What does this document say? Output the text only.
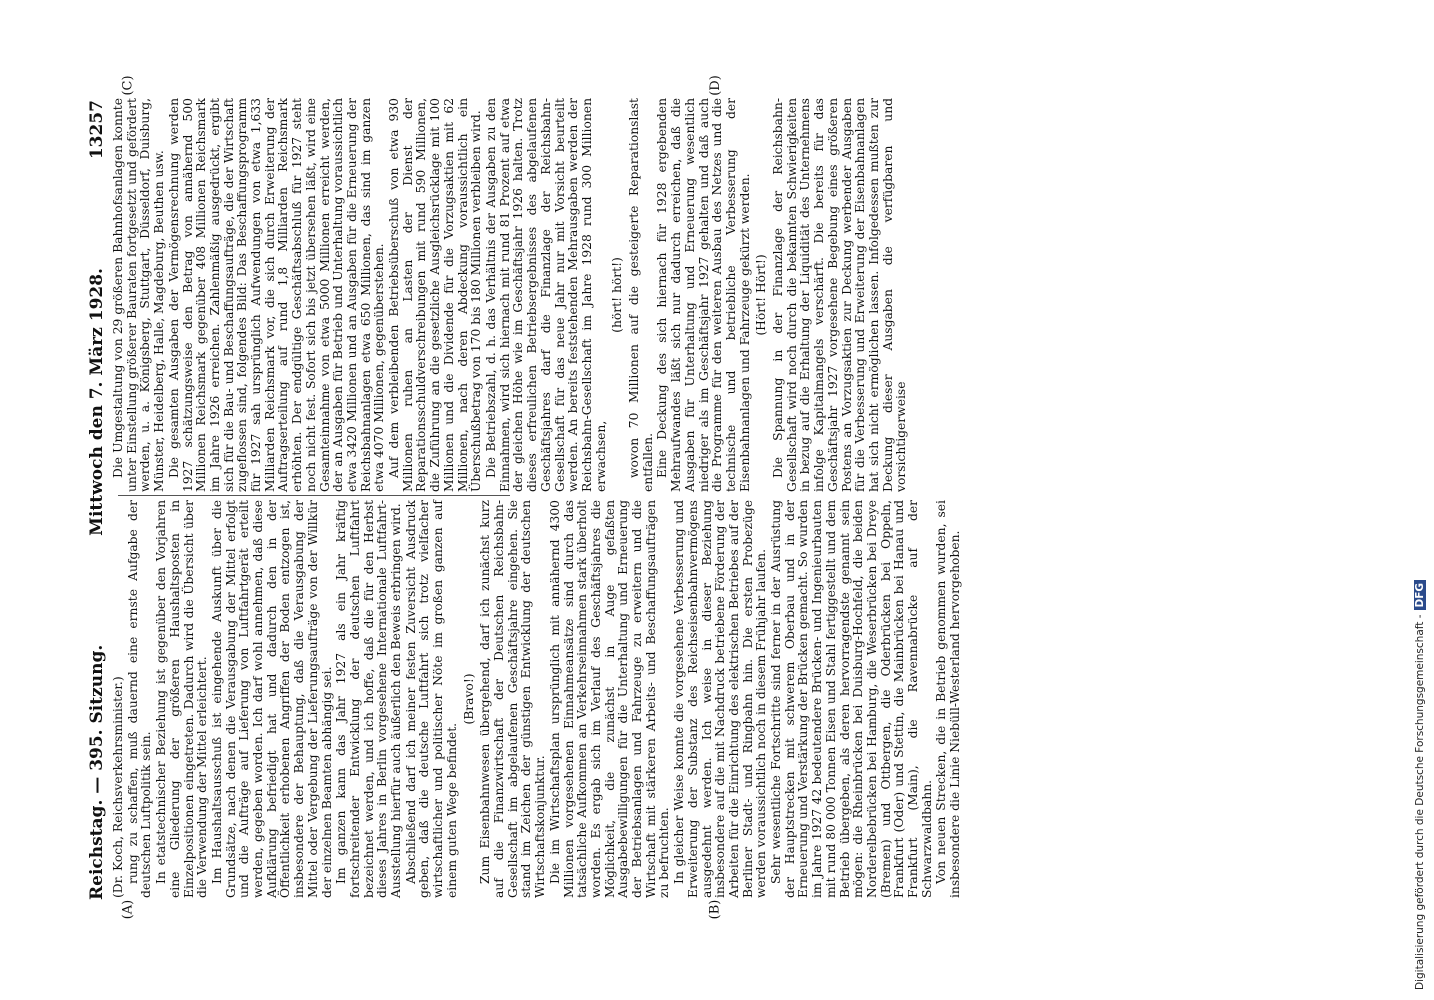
Reichstag. — 395. Sitzung.
Mittwoch den 7. März 1928.
13257

(Dr. Koch, Reichsverkehrsminister.) rung zu schaffen, muß dauernd eine ernste Aufgabe der deutschen Luftpolitik sein. In etatstechnischer Beziehung ist gegenüber den Vorjahren eine Gliederung der größeren Haushaltsposten in Einzelpositionen eingetreten. Dadurch wird die Übersicht über die Verwendung der Mittel erleichtert. Im Haushaltsausschuß ist eingehende Auskunft über die Grundsätze, nach denen die Verausgabung der Mittel erfolgt und die Aufträge auf Lieferung von Luftfahrtgerät erteilt werden, gegeben worden. Ich darf wohl annehmen, daß diese Aufklärung befriedigt hat und dadurch den in der Öffentlichkeit erhobenen Angriffen der Boden entzogen ist, insbesondere der Behauptung, daß die Verausgabung der Mittel oder Vergebung der Lieferungsaufträge von der Willkür der einzelnen Beamten abhängig sei. Im ganzen kann das Jahr 1927 als ein Jahr kräftig fortschreitender Entwicklung der deutschen Luftfahrt bezeichnet werden, und ich hoffe, daß die für den Herbst dieses Jahres in Berlin vorgesehene Internationale Luftfahrt-Ausstellung hierfür auch äußerlich den Beweis erbringen wird. Abschließend darf ich meiner festen Zuversicht Ausdruck geben, daß die deutsche Luftfahrt sich trotz vielfacher wirtschaftlicher und politischer Nöte im großen ganzen auf einem guten Wege befindet.

(Bravo!) Zum Eisenbahnwesen übergehend, darf ich zunächst kurz auf die Finanzwirtschaft der Deutschen Reichsbahn-Gesellschaft im abgelaufenen Geschäftsjahre eingehen. Sie stand im Zeichen der günstigen Entwicklung der deutschen Wirtschaftskonjunktur. Die im Wirtschaftsplan ursprünglich mit annähernd 4300 Millionen vorgesehenen Einnahmeansätze sind durch das tatsächliche Aufkommen an Verkehrseinnahmen stark überholt worden. Es ergab sich im Verlauf des Geschäftsjahres die Möglichkeit, die zunächst in Auge gefaßten Ausgabebewilligungen für die Unterhaltung und Erneuerung der Betriebsanlagen und Fahrzeuge zu erweitern und die Wirtschaft mit stärkeren Arbeits- und Beschaffungsaufträgen zu befruchten. In gleicher Weise konnte die vorgesehene Verbesserung und Erweiterung der Substanz des Reichseisenbahnvermögens ausgedehnt werden. Ich weise in dieser Beziehung insbesondere auf die mit Nachdruck betriebene Förderung der Arbeiten für die Einrichtung des elektrischen Betriebes auf der Berliner Stadt- und Ringbahn hin. Die ersten Probezüge werden voraussichtlich noch in diesem Frühjahr laufen. Sehr wesentliche Fortschritte sind ferner in der Ausrüstung der Hauptstrecken mit schwerem Oberbau und in der Erneuerung und Verstärkung der Brücken gemacht. So wurden im Jahre 1927 42 bedeutendere Brücken- und Ingenieurbauten mit rund 80 000 Tonnen Eisen und Stahl fertiggestellt und dem Betrieb übergeben, als deren hervorragendste genannt sein mögen: die Rheinbrücken bei Duisburg-Hochfeld, die beiden Norderelbebrücken bei Hamburg, die Weserbrücken bei Dreye (Bremen) und Ottbergen, die Oderbrücken bei Oppeln, Frankfurt (Oder) und Stettin, die Mainbrücken bei Hanau und Frankfurt (Main), die Ravennabrücke auf der Schwarzwaldbahn. Von neuen Strecken, die in Betrieb genommen wurden, sei insbesondere die Linie Niebüll-Westerland hervorgehoben.

Die Umgestaltung von 29 größeren Bahnhofsanlagen konnte unter Einstellung größerer Bauraten fortgesetzt und gefördert werden, u. a. Königsberg, Stuttgart, Düsseldorf, Duisburg, Münster, Heidelberg, Halle, Magdeburg, Beuthen usw. Die gesamten Ausgaben der Vermögensrechnung werden 1927 schätzungsweise den Betrag von annähernd 500 Millionen Reichsmark gegenüber 408 Millionen Reichsmark im Jahre 1926 erreichen. Zahlenmäßig ausgedrückt, ergibt sich für die Bau- und Beschaffungsaufträge, die der Wirtschaft zugeflossen sind, folgendes Bild: Das Beschaffungsprogramm für 1927 sah ursprünglich Aufwendungen von etwa 1,633 Milliarden Reichsmark vor, die sich durch Erweiterung der Auftragserteilung auf rund 1,8 Milliarden Reichsmark erhöhten. Der endgültige Geschäftsabschluß für 1927 steht noch nicht fest. Sofort sich bis jetzt übersehen läßt, wird eine Gesamteinnahme von etwa 5000 Millionen erreicht werden, der an Ausgaben für Betrieb und Unterhaltung voraussichtlich etwa 3420 Millionen und an Ausgaben für die Erneuerung der Reichsbahnanlagen etwa 650 Millionen, das sind im ganzen etwa 4070 Millionen, gegenüberstehen. Auf dem verbleibenden Betriebsüberschuß von etwa 930 Millionen ruhen an Lasten der Dienst der Reparationsschuldverschreibungen mit rund 590 Millionen, die Zuführung an die gesetzliche Ausgleichsrücklage mit 100 Millionen und die Dividende für die Vorzugsaktien mit 62 Millionen, nach deren Abdeckung voraussichtlich ein Überschußbetrag von 170 bis 180 Millionen verbleiben wird. Die Betriebszahl, d. h. das Verhältnis der Ausgaben zu den Einnahmen, wird sich hiernach mit rund 81 Prozent auf etwa der gleichen Höhe wie im Geschäftsjahr 1926 halten. Trotz dieses erfreulichen Betriebsergebnisses des abgelaufenen Geschäftsjahres darf die Finanzlage der Reichsbahn-Gesellschaft für das neue Jahr nur mit Vorsicht beurteilt werden. An bereits feststehenden Mehrausgaben werden der Reichsbahn-Gesellschaft im Jahre 1928 rund 300 Millionen erwachsen,

(hört! hört!) wovon 70 Millionen auf die gesteigerte Reparationslast entfallen. Eine Deckung des sich hiernach für 1928 ergebenden Mehraufwandes läßt sich nur dadurch erreichen, daß die Ausgaben für Unterhaltung und Erneuerung wesentlich niedriger als im Geschäftsjahr 1927 gehalten und daß auch die Programme für den weiteren Ausbau des Netzes und die technische und betriebliche Verbesserung der Eisenbahnanlagen und Fahrzeuge gekürzt werden. (Hört! Hört!) Die Spannung in der Finanzlage der Reichsbahn-Gesellschaft wird noch durch die bekannten Schwierigkeiten in bezug auf die Erhaltung der Liquidität des Unternehmens infolge Kapitalmangels verschärft. Die bereits für das Geschäftsjahr 1927 vorgesehene Begebung eines größeren Postens an Vorzugsaktien zur Deckung werbender Ausgaben für die Verbesserung und Erweiterung der Eisenbahnanlagen hat sich nicht ermöglichen lassen. Infolgedessen mußten zur Deckung dieser Ausgaben die verfügbaren und vorsichtigerweise

(A)	(B)
(C)	(D)
Digitalisierung gefördert durch die Deutsche Forschungsgemeinschaft -DFG
